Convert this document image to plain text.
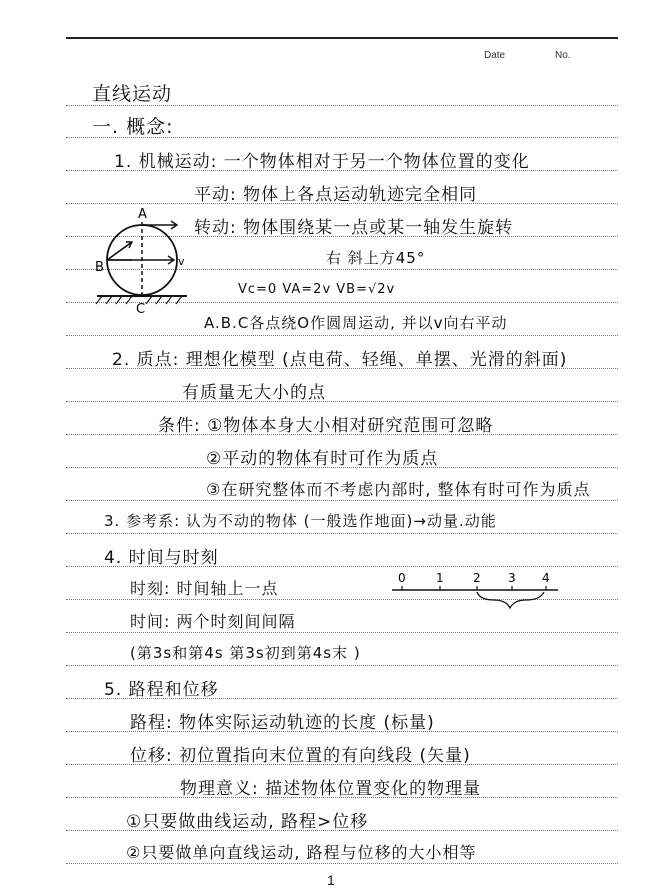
Date	No.
直线运动
一. 概念:
1. 机械运动: 一个物体相对于另一个物体位置的变化
平动: 物体上各点运动轨迹完全相同
转动: 物体围绕某一点或某一轴发生旋转
右 斜上方45°
Vc=0 VA=2v VB=√2v
A.B.C各点绕O作圆周运动, 并以v向右平动
A
B
C
v
2. 质点: 理想化模型 (点电荷、轻绳、单摆、光滑的斜面)
有质量无大小的点
条件: ①物体本身大小相对研究范围可忽略
②平动的物体有时可作为质点
③在研究整体而不考虑内部时, 整体有时可作为质点
3. 参考系: 认为不动的物体 (一般选作地面)→动量.动能
4. 时间与时刻
时刻: 时间轴上一点
时间: 两个时刻间间隔
(第3s和第4s 第3s初到第4s末 )
0	1 2 3 4
5. 路程和位移
路程: 物体实际运动轨迹的长度 (标量)
位移: 初位置指向末位置的有向线段 (矢量)
物理意义: 描述物体位置变化的物理量
①只要做曲线运动, 路程>位移
②只要做单向直线运动, 路程与位移的大小相等
1
